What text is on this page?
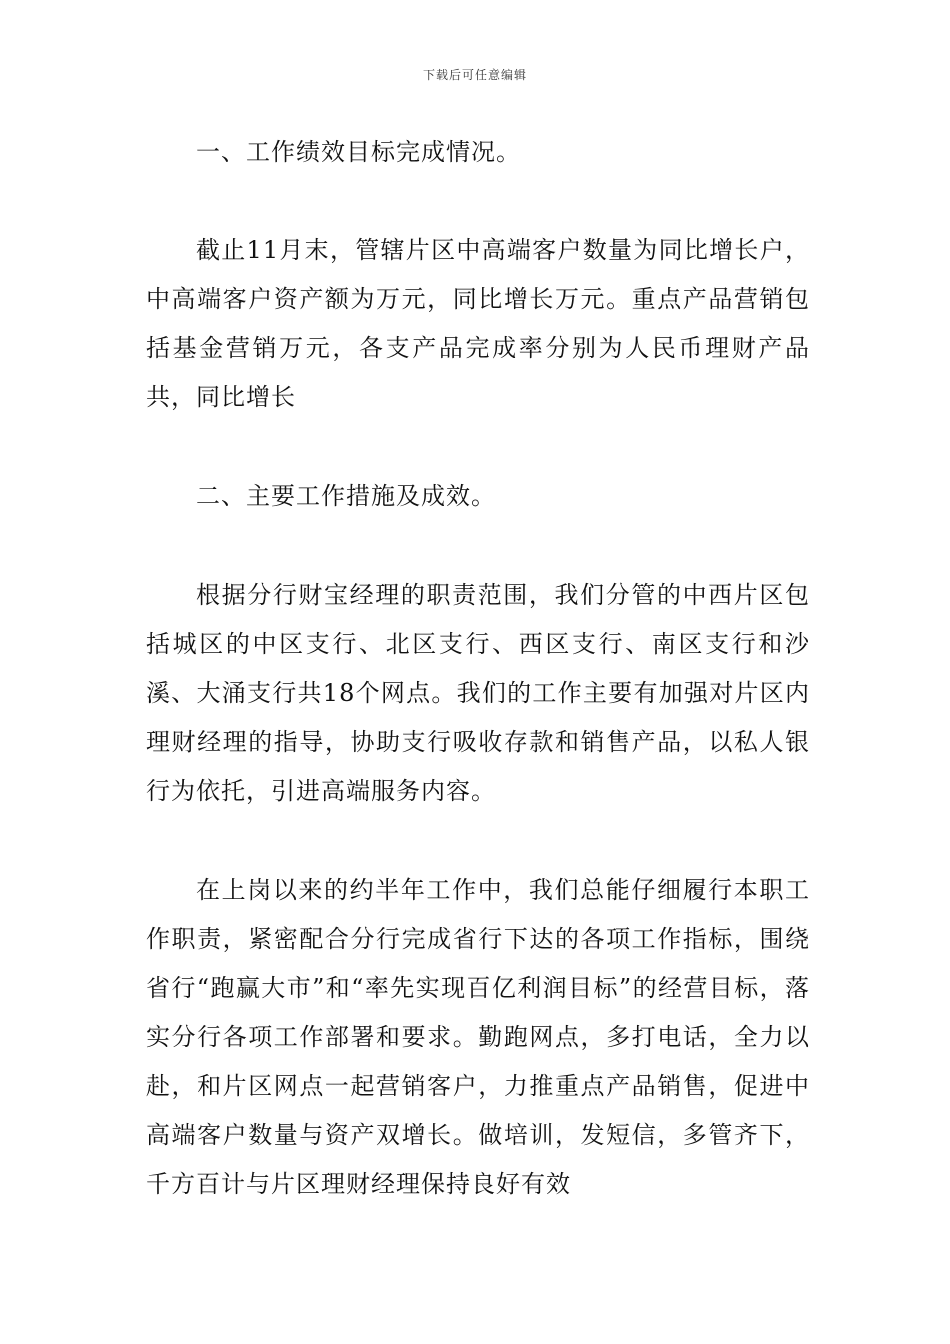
下载后可任意编辑

一、工作绩效目标完成情况。

截止11月末，管辖片区中高端客户数量为同比增长户，中高端客户资产额为万元，同比增长万元。重点产品营销包括基金营销万元，各支产品完成率分别为人民币理财产品共，同比增长

二、主要工作措施及成效。

根据分行财宝经理的职责范围，我们分管的中西片区包括城区的中区支行、北区支行、西区支行、南区支行和沙溪、大涌支行共18个网点。我们的工作主要有加强对片区内理财经理的指导，协助支行吸收存款和销售产品，以私人银行为依托，引进高端服务内容。

在上岗以来的约半年工作中，我们总能仔细履行本职工作职责，紧密配合分行完成省行下达的各项工作指标，围绕省行“跑赢大市”和“率先实现百亿利润目标”的经营目标，落实分行各项工作部署和要求。勤跑网点，多打电话，全力以赴，和片区网点一起营销客户，力推重点产品销售，促进中高端客户数量与资产双增长。做培训，发短信，多管齐下，千方百计与片区理财经理保持良好有效
